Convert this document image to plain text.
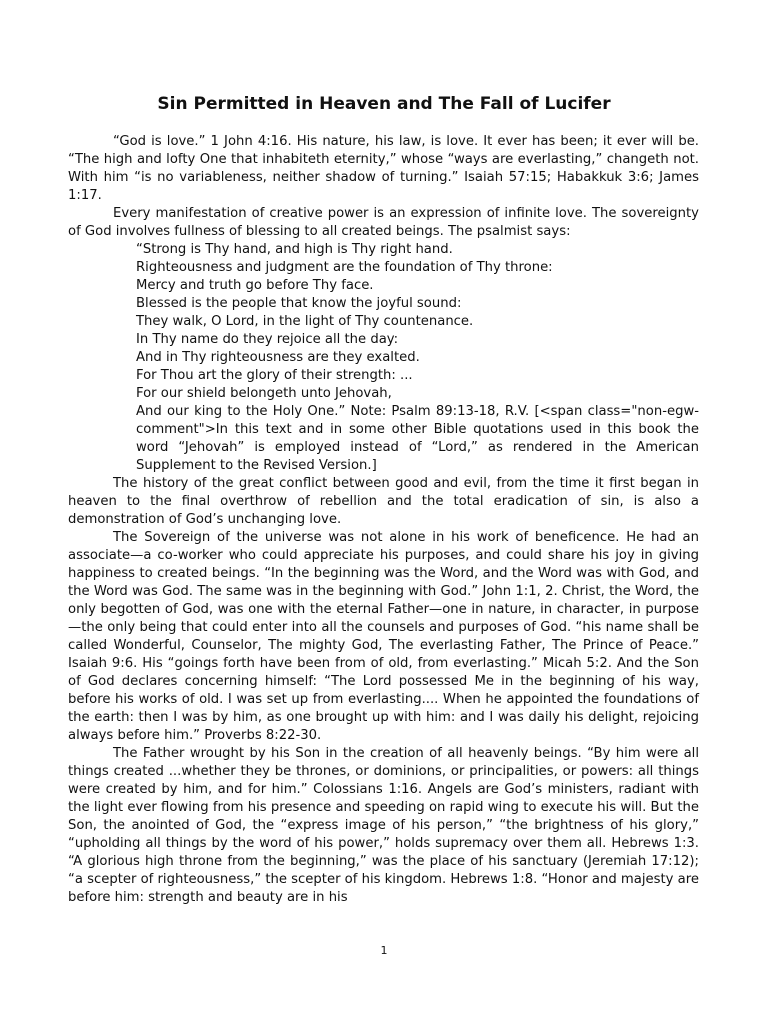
Sin Permitted in Heaven and The Fall of Lucifer

“God is love.” 1 John 4:16. His nature, his law, is love. It ever has been; it ever will be. “The high and lofty One that inhabiteth eternity,” whose “ways are everlasting,” changeth not. With him “is no variableness, neither shadow of turning.” Isaiah 57:15; Habakkuk 3:6; James 1:17.

Every manifestation of creative power is an expression of infinite love. The sovereignty of God involves fullness of blessing to all created beings. The psalmist says:

“Strong is Thy hand, and high is Thy right hand.
Righteousness and judgment are the foundation of Thy throne:
Mercy and truth go before Thy face.
Blessed is the people that know the joyful sound:
They walk, O Lord, in the light of Thy countenance.
In Thy name do they rejoice all the day:
And in Thy righteousness are they exalted.
For Thou art the glory of their strength: ...
For our shield belongeth unto Jehovah,
And our king to the Holy One.” Note: Psalm 89:13-18, R.V. [<span class="non-egw-comment">In this text and in some other Bible quotations used in this book the word “Jehovah” is employed instead of “Lord,” as rendered in the American Supplement to the Revised Version.]

The history of the great conflict between good and evil, from the time it first began in heaven to the final overthrow of rebellion and the total eradication of sin, is also a demonstration of God’s unchanging love.

The Sovereign of the universe was not alone in his work of beneficence. He had an associate—a co-worker who could appreciate his purposes, and could share his joy in giving happiness to created beings. “In the beginning was the Word, and the Word was with God, and the Word was God. The same was in the beginning with God.” John 1:1, 2. Christ, the Word, the only begotten of God, was one with the eternal Father—one in nature, in character, in purpose—the only being that could enter into all the counsels and purposes of God. “his name shall be called Wonderful, Counselor, The mighty God, The everlasting Father, The Prince of Peace.” Isaiah 9:6. His “goings forth have been from of old, from everlasting.” Micah 5:2. And the Son of God declares concerning himself: “The Lord possessed Me in the beginning of his way, before his works of old. I was set up from everlasting.... When he appointed the foundations of the earth: then I was by him, as one brought up with him: and I was daily his delight, rejoicing always before him.” Proverbs 8:22-30.

The Father wrought by his Son in the creation of all heavenly beings. “By him were all things created ...whether they be thrones, or dominions, or principalities, or powers: all things were created by him, and for him.” Colossians 1:16. Angels are God’s ministers, radiant with the light ever flowing from his presence and speeding on rapid wing to execute his will. But the Son, the anointed of God, the “express image of his person,” “the brightness of his glory,” “upholding all things by the word of his power,” holds supremacy over them all. Hebrews 1:3. “A glorious high throne from the beginning,” was the place of his sanctuary (Jeremiah 17:12); “a scepter of righteousness,” the scepter of his kingdom. Hebrews 1:8. “Honor and majesty are before him: strength and beauty are in his

1
